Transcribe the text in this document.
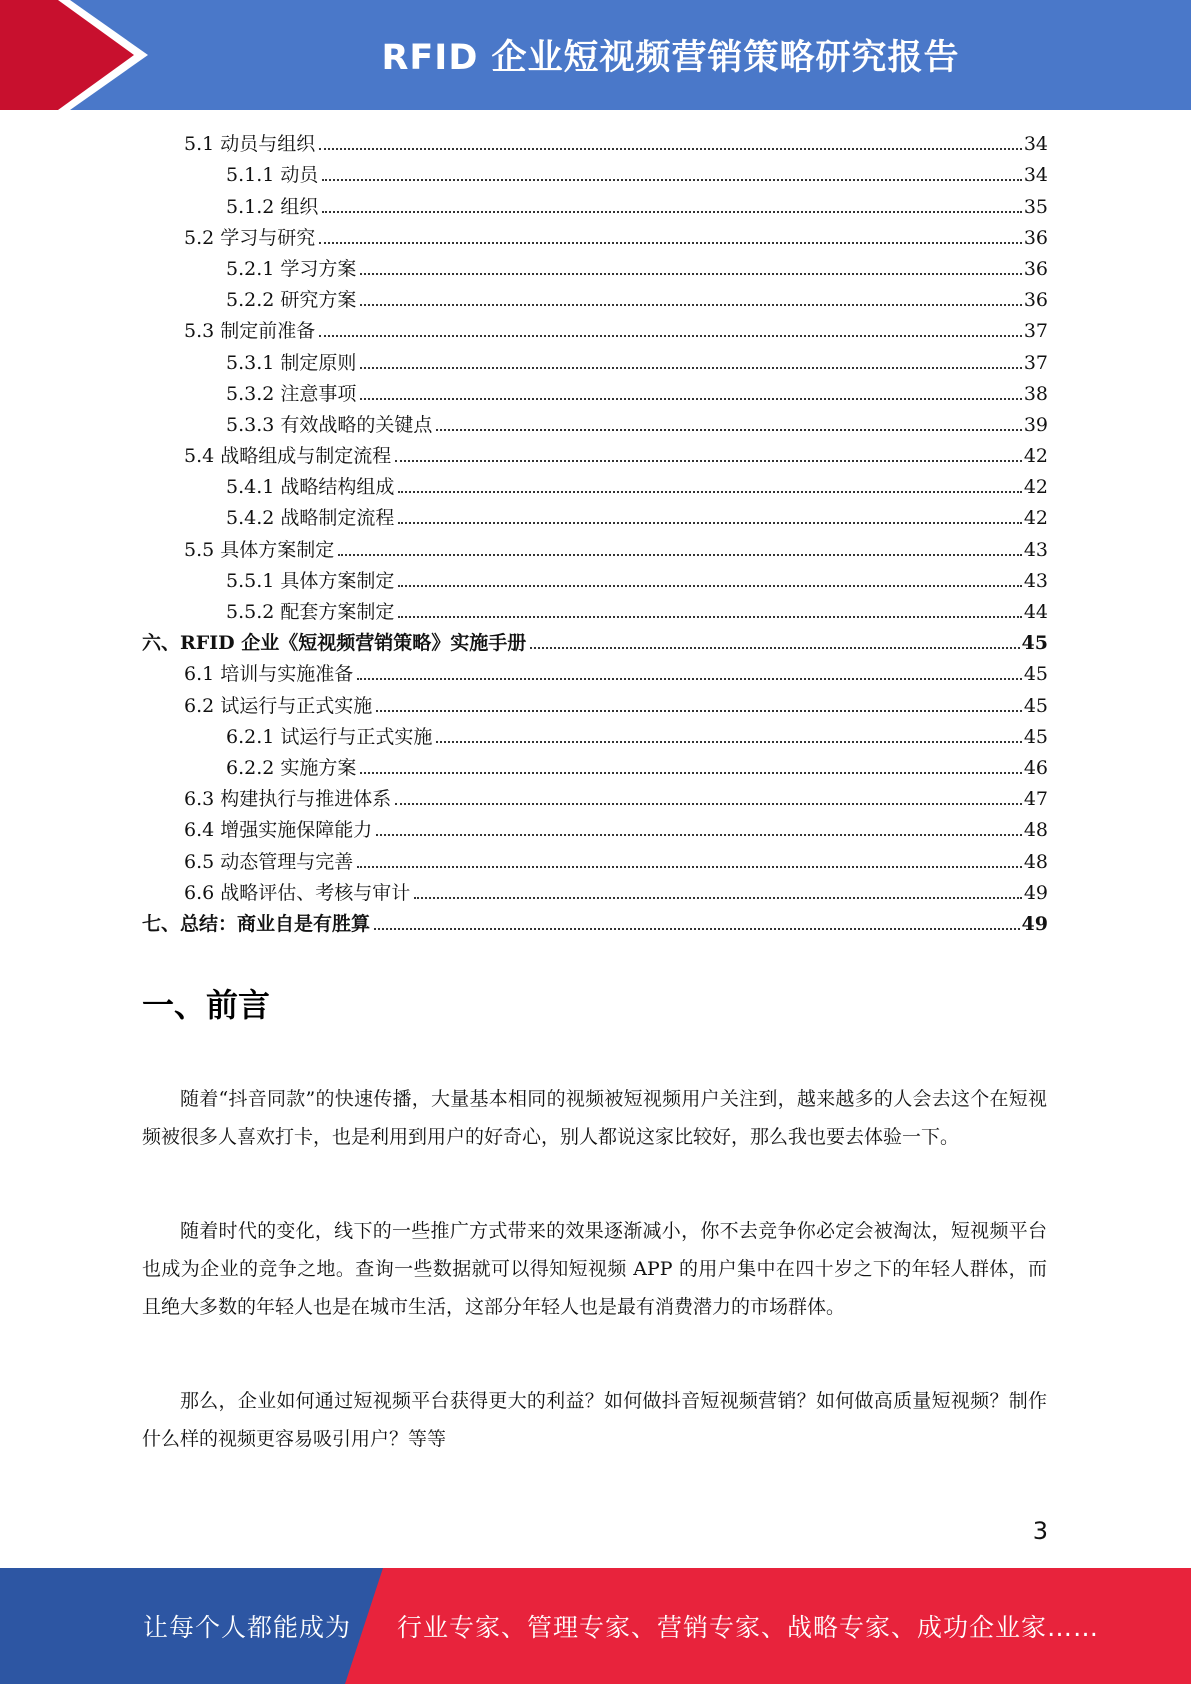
RFID 企业短视频营销策略研究报告
5.1 动员与组织	34
5.1.1 动员	34
5.1.2 组织	35
5.2 学习与研究	36
5.2.1 学习方案	36
5.2.2 研究方案	36
5.3 制定前准备	37
5.3.1 制定原则	37
5.3.2 注意事项	38
5.3.3 有效战略的关键点	39
5.4 战略组成与制定流程	42
5.4.1 战略结构组成	42
5.4.2 战略制定流程	42
5.5 具体方案制定	43
5.5.1 具体方案制定	43
5.5.2 配套方案制定	44
六、RFID 企业《短视频营销策略》实施手册	45
6.1 培训与实施准备	45
6.2 试运行与正式实施	45
6.2.1 试运行与正式实施	45
6.2.2 实施方案	46
6.3 构建执行与推进体系	47
6.4 增强实施保障能力	48
6.5 动态管理与完善	48
6.6 战略评估、考核与审计	49
七、总结：商业自是有胜算	49
一、前言

随着“抖音同款”的快速传播，大量基本相同的视频被短视频用户关注到，越来越多的人会去这个在短视频被很多人喜欢打卡，也是利用到用户的好奇心，别人都说这家比较好，那么我也要去体验一下。

随着时代的变化，线下的一些推广方式带来的效果逐渐减小，你不去竞争你必定会被淘汰，短视频平台也成为企业的竞争之地。查询一些数据就可以得知短视频 APP 的用户集中在四十岁之下的年轻人群体，而且绝大多数的年轻人也是在城市生活，这部分年轻人也是最有消费潜力的市场群体。

那么，企业如何通过短视频平台获得更大的利益？如何做抖音短视频营销？如何做高质量短视频？制作什么样的视频更容易吸引用户？等等

3
让每个人都能成为 行业专家、管理专家、营销专家、战略专家、成功企业家……
